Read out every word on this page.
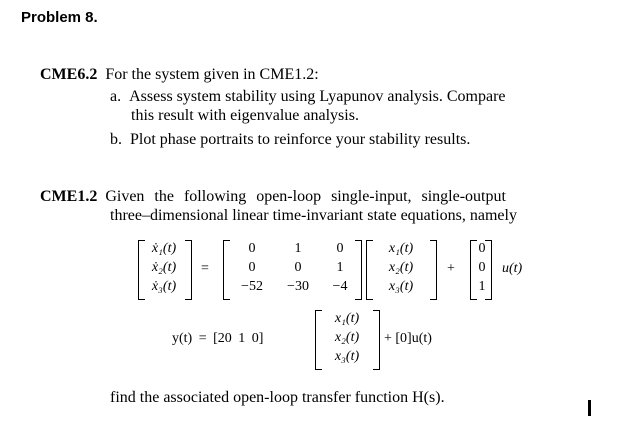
Problem 8.
CME6.2 For the system given in CME1.2:
a. Assess system stability using Lyapunov analysis. Compare
this result with eigenvalue analysis.
b. Plot phase portraits to reinforce your stability results.
CME1.2 Given the following open-loop single-input, single-output
three–dimensional linear time-invariant state equations, namely
ẋ₁(t)
ẋ₂(t)
ẋ₃(t)
=
0	1	0
0	0	1
−52	−30	−4
x₁(t)
x₂(t)
x₃(t)
+
0
0
1
u(t)
y(t) = [20 1 0]
x₁(t)
x₂(t)
x₃(t)
+ [0]u(t)
find the associated open-loop transfer function H(s).
